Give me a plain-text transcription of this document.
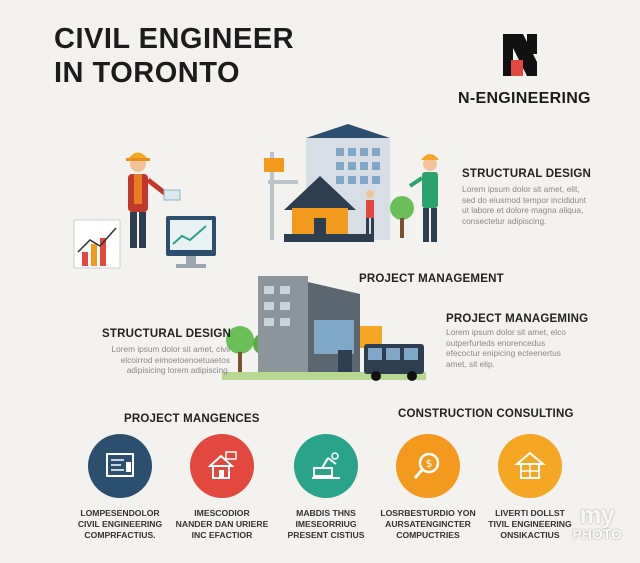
CIVIL ENGINEER
IN TORONTO
N-ENGINEERING
STRUCTURAL DESIGN
Lorem ipsum dolor sit amet, elit,
sed do eiusmod tempor incididunt
ut labore et dolore magna aliqua,
consectetur adipiscing.
PROJECT MANAGEMENT
STRUCTURAL DESIGN
Lorem ipsum dolor sit amet, civil
elcoirrod eimoetoenoetuaetos
adipisicing lorem adipiscing.
PROJECT MANAGEMING
Lorem ipsum dolor sit amet, elco
outperfurteds enorencedus
efecoctur enipicing ecteenertus
amet, sit elip.
PROJECT MANGENCES	CONSTRUCTION CONSULTING
$
LOMPESENDOLOR
CIVIL ENGINEERING
COMPRFACTIUS.
IMESCODIOR
NANDER DAN URIERE
INC EFACTIOR
MABDIS THNS
IMESEORRIUG
PRESENT CISTIUS
LOSRBESTURDIO YON
AURSATENGINCTER
COMPUCTRIES
LIVERTI DOLLST
TIVIL ENGINEERING
ONSIKACTIUS
my
PHOTO
